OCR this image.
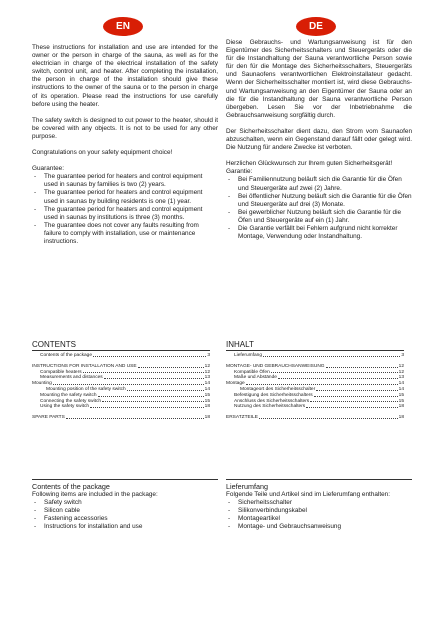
EN	DE

These instructions for installation and use are intended for the owner or the person in charge of the sauna, as well as for the electrician in charge of the electrical installation of the safety switch, control unit, and heater. After completing the installation, the person in charge of the installation should give these instructions to the owner of the sauna or to the person in charge of its operation. Please read the instructions for use carefully before using the heater.

The safety switch is designed to cut power to the heater, should it be covered with any objects. It is not to be used for any other purpose.

Congratulations on your safety equipment choice!

Guarantee:

- The guarantee period for heaters and control equipment used in saunas by families is two (2) years.
- The guarantee period for heaters and control equipment used in saunas by building residents is one (1) year.
- The guarantee period for heaters and control equipment used in saunas by institutions is three (3) months.
- The guarantee does not cover any faults resulting from failure to comply with installation, use or maintenance instructions.

Diese Gebrauchs- und Wartungsanweisung ist für den Eigentümer des Sicherheitsschalters und Steuergeräts oder die für die Instandhaltung der Sauna verantwortliche Person sowie für den für die Montage des Sicherheitsschalters, Steuergeräts und Saunaofens verantwortlichen Elektroinstallateur gedacht. Wenn der Sicherheitsschalter montiert ist, wird diese Gebrauchs- und Wartungsanweisung an den Eigentümer der Sauna oder an die für die Instandhaltung der Sauna verantwortliche Person übergeben. Lesen Sie vor der Inbetriebnahme die Gebrauchsanweisung sorgfältig durch.

Der Sicherheitsschalter dient dazu, den Strom vom Saunaofen abzuschalten, wenn ein Gegenstand darauf fällt oder gelegt wird. Die Nutzung für andere Zwecke ist verboten.

Herzlichen Glückwunsch zur Ihrem guten Sicherheitsgerät!

Garantie:

- Bei Familiennutzung beläuft sich die Garantie für die Öfen und Steuergeräte auf zwei (2) Jahre.
- Bei öffentlicher Nutzung beläuft sich die Garantie für die Öfen und Steuergeräte auf drei (3) Monate.
- Bei gewerblicher Nutzung beläuft sich die Garantie für die Öfen und Steuergeräte auf ein (1) Jahr.
- Die Garantie verfällt bei Fehlern aufgrund nicht korrekter Montage, Verwendung oder Instandhaltung.
CONTENTS
Contents of the package	3
INSTRUCTIONS FOR INSTALLATION AND USE	12
Compatible heaters	12
Measurements and distances	13
Mounting	14
Mounting position of the safety switch	14
Mounting the safety switch	15
Connecting the safety switch	15
Using the safety switch	18
SPARE PARTS	18
INHALT
Lieferumfang	3
MONTAGE- UND GEBRAUCHSANWEISUNG	12
Kompatible Öfen	12
Maße und Abstände	13
Montage	14
Montageort des Sicherheitsschalter	14
Befestigung des Sicherheitsschalters	15
Anschluss des Sicherheitsschalters	15
Nutzung des Sicherheitsschalters	18
ERSATZTEILE	18

Contents of the package

Following items are included in the package:

- Safety switch
- Silicon cable
- Fastening accessories
- Instructions for installation and use

Lieferumfang

Folgende Teile und Artikel sind im Lieferumfang enthalten:

- Sicherheitsschalter
- Silikonverbindungskabel
- Montageartikel
- Montage- und Gebrauchsanweisung
